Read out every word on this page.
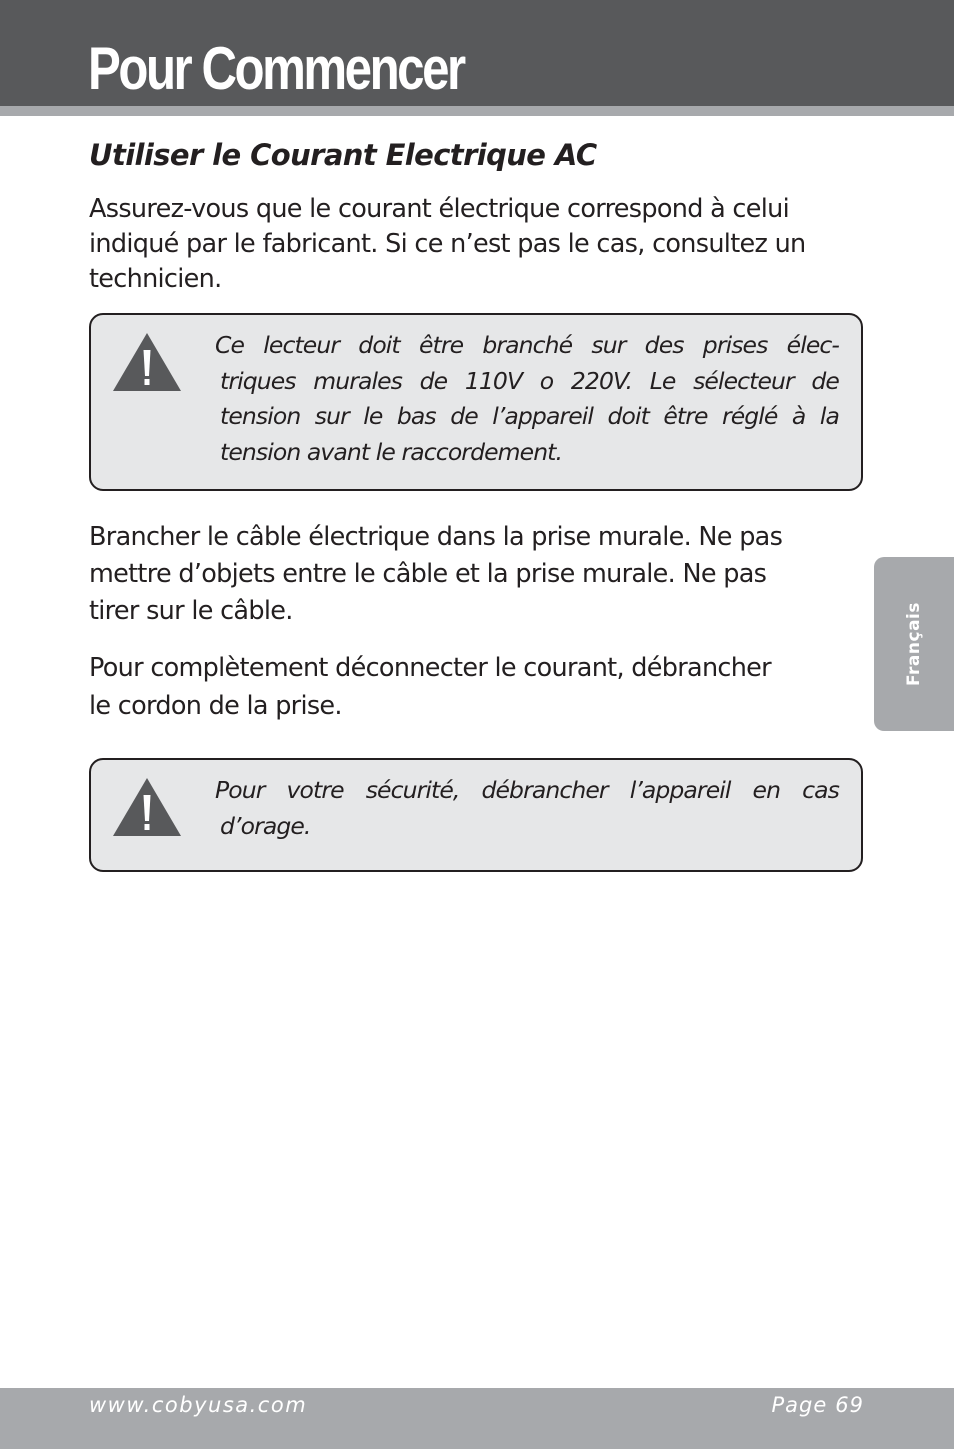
Pour Commencer
Utiliser le Courant Electrique AC

Assurez-vous que le courant électrique correspond à celui
indiqué par le fabricant. Si ce n’est pas le cas, consultez un
technicien.

Ce lecteur doit être branché sur des prises élec-
triques murales de 110V o 220V. Le sélecteur de
tension sur le bas de l’appareil doit être réglé à la
tension avant le raccordement.

Brancher le câble électrique dans la prise murale. Ne pas
mettre d’objets entre le câble et la prise murale. Ne pas
tirer sur le câble.

Pour complètement déconnecter le courant, débrancher
le cordon de la prise.

Pour votre sécurité, débrancher l’appareil en cas
d’orage.
Français
www.cobyusa.com	Page 69
